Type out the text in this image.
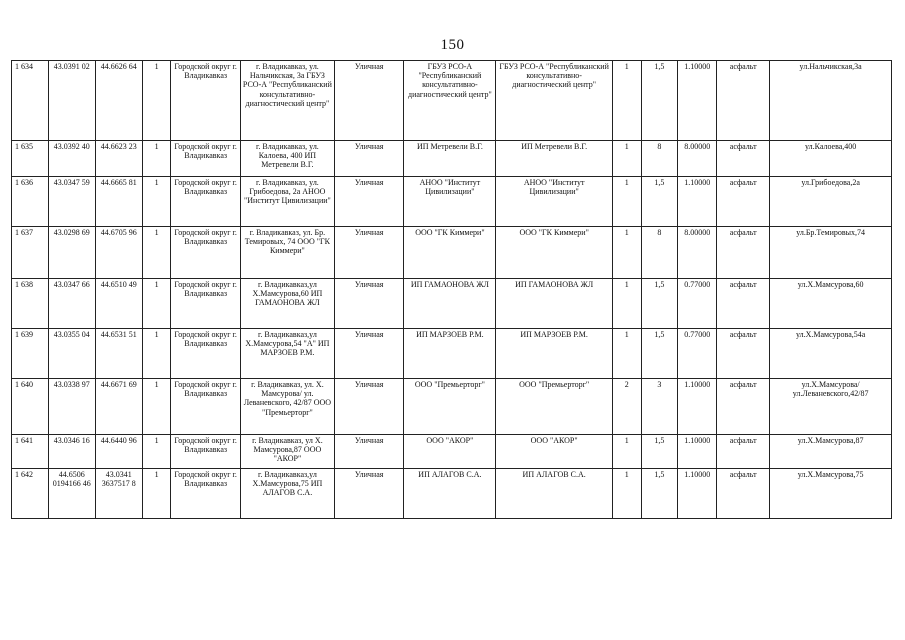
150
1 634	43.0391 02	44.6626 64	1	Городской округ г. Владикавказ	г. Владикавказ, ул. Нальчикская, 3а ГБУЗ РСО-А "Республиканский консультативно-диагностический центр"	Уличная	ГБУЗ РСО-А "Республиканский консультативно-диагностический центр"	ГБУЗ РСО-А "Республиканский консультативно-диагностический центр"	1	1,5	1.10000	асфальт	ул.Нальчикская,3а
1 635	43.0392 40	44.6623 23	1	Городской округ г. Владикавказ	г. Владикавказ, ул. Калоева, 400 ИП Метревели В.Г.	Уличная	ИП Метревели В.Г.	ИП Метревели В.Г.	1	8	8.00000	асфальт	ул.Калоева,400
1 636	43.0347 59	44.6665 81	1	Городской округ г. Владикавказ	г. Владикавказ, ул. Грибоедова, 2а АНОО "Институт Цивилизации"	Уличная	АНОО "Институт Цивилизации"	АНОО "Институт Цивилизации"	1	1,5	1.10000	асфальт	ул.Грибоедова,2а
1 637	43.0298 69	44.6705 96	1	Городской округ г. Владикавказ	г. Владикавказ, ул. Бр. Темировых, 74 ООО "ГК Киммери"	Уличная	ООО "ГК Киммери"	ООО "ГК Киммери"	1	8	8.00000	асфальт	ул.Бр.Темировых,74
1 638	43.0347 66	44.6510 49	1	Городской округ г. Владикавказ	г. Владикавказ,ул Х.Мамсурова,60 ИП ГАМАОНОВА ЖЛ	Уличная	ИП ГАМАОНОВА ЖЛ	ИП ГАМАОНОВА ЖЛ	1	1,5	0.77000	асфальт	ул.Х.Мамсурова,60
1 639	43.0355 04	44.6531 51	1	Городской округ г. Владикавказ	г. Владикавказ,ул Х.Мамсурова,54 "А" ИП МАРЗОЕВ Р.М.	Уличная	ИП МАРЗОЕВ Р.М.	ИП МАРЗОЕВ Р.М.	1	1,5	0.77000	асфальт	ул.Х.Мамсурова,54а
1 640	43.0338 97	44.6671 69	1	Городской округ г. Владикавказ	г. Владикавказ, ул. Х. Мамсурова/ ул. Леваневского, 42/87 ООО "Премьерторг"	Уличная	ООО "Премьерторг"	ООО "Премьерторг"	2	3	1.10000	асфальт	ул.Х.Мамсурова/ул.Леваневского,42/87
1 641	43.0346 16	44.6440 96	1	Городской округ г. Владикавказ	г. Владикавказ, ул Х. Мамсурова,87 ООО "АКОР"	Уличная	ООО "АКОР"	ООО "АКОР"	1	1,5	1.10000	асфальт	ул.Х.Мамсурова,87
1 642	44.6506 0194166 46	43.0341 3637517 8	1	Городской округ г. Владикавказ	г. Владикавказ,ул Х.Мамсурова,75 ИП АЛАГОВ С.А.	Уличная	ИП АЛАГОВ С.А.	ИП АЛАГОВ С.А.	1	1,5	1.10000	асфальт	ул.Х.Мамсурова,75
